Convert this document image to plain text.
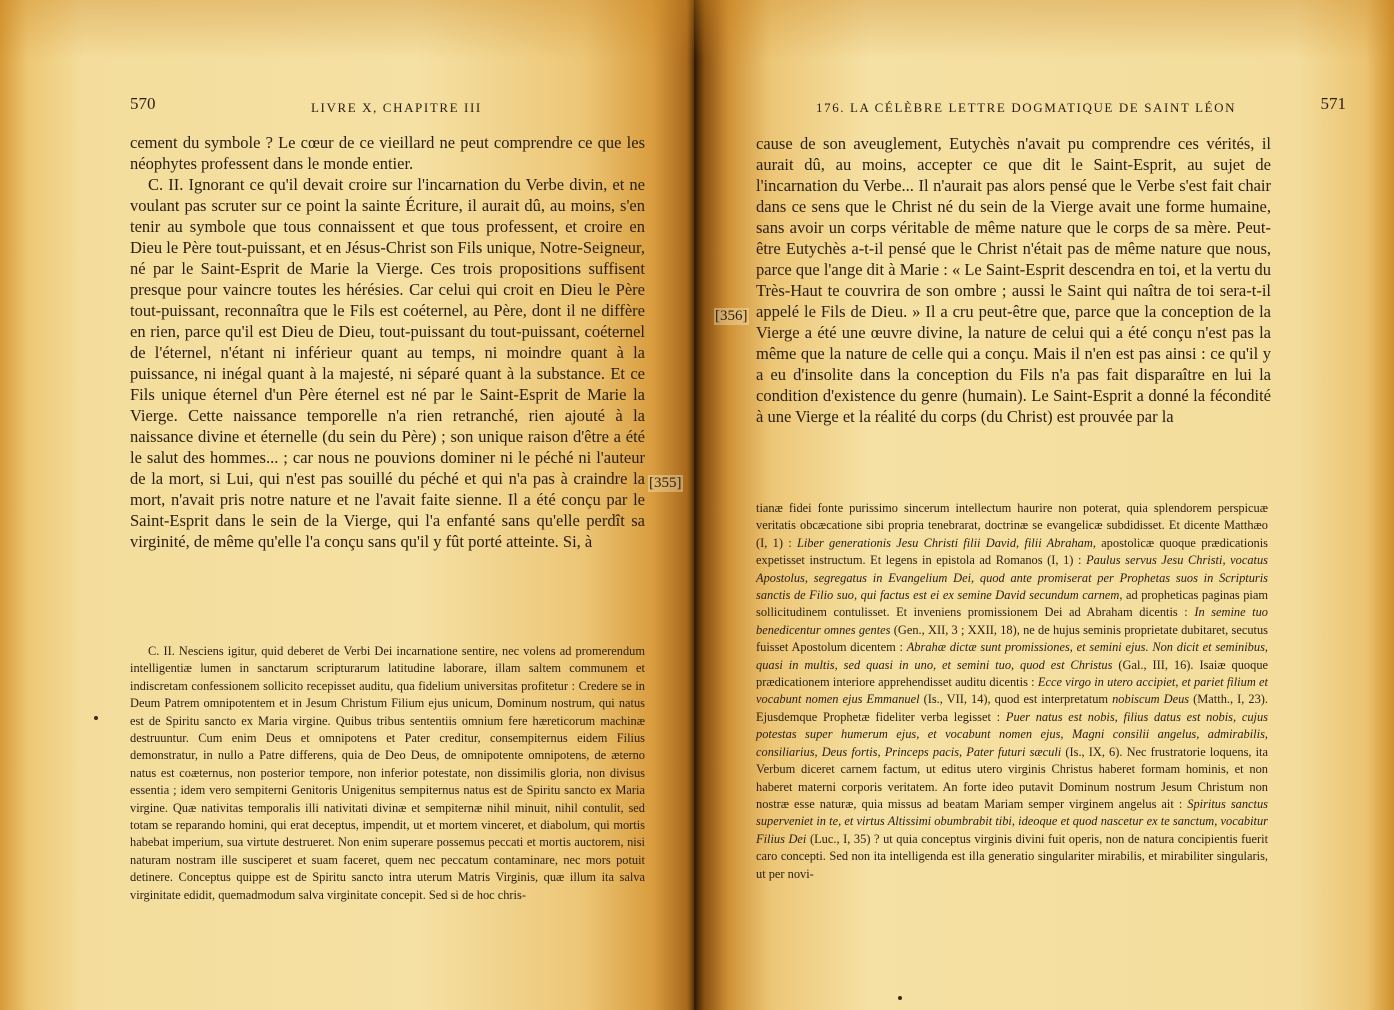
570	LIVRE X, CHAPITRE III

cement du symbole ? Le cœur de ce vieillard ne peut comprendre ce que les néophytes professent dans le monde entier.

C. II. Ignorant ce qu'il devait croire sur l'incarnation du Verbe divin, et ne voulant pas scruter sur ce point la sainte Écriture, il aurait dû, au moins, s'en tenir au symbole que tous connaissent et que tous professent, et croire en Dieu le Père tout-puissant, et en Jésus-Christ son Fils unique, Notre-Seigneur, né par le Saint-Esprit de Marie la Vierge. Ces trois propositions suffisent presque pour vaincre toutes les hérésies. Car celui qui croit en Dieu le Père tout-puissant, reconnaîtra que le Fils est coéternel, au Père, dont il ne diffère en rien, parce qu'il est Dieu de Dieu, tout-puissant du tout-puissant, coéternel de l'éternel, n'étant ni inférieur quant au temps, ni moindre quant à la puissance, ni inégal quant à la majesté, ni séparé quant à la substance. Et ce Fils unique éternel d'un Père éternel est né par le Saint-Esprit de Marie la Vierge. Cette naissance temporelle n'a rien retranché, rien ajouté à la naissance divine et éternelle (du sein du Père) ; son unique raison d'être a été le salut des hommes... ; car nous ne pouvions dominer ni le péché ni l'auteur de la mort, si Lui, qui n'est pas souillé du péché et qui n'a pas à craindre la mort, n'avait pris notre nature et ne l'avait faite sienne. Il a été conçu par le Saint-Esprit dans le sein de la Vierge, qui l'a enfanté sans qu'elle perdît sa virginité, de même qu'elle l'a conçu sans qu'il y fût porté atteinte. Si, à

C. II. Nesciens igitur, quid deberet de Verbi Dei incarnatione sentire, nec volens ad promerendum intelligentiæ lumen in sanctarum scripturarum latitudine laborare, illam saltem communem et indiscretam confessionem sollicito recepisset auditu, qua fidelium universitas profitetur : Credere se in Deum Patrem omnipotentem et in Jesum Christum Filium ejus unicum, Dominum nostrum, qui natus est de Spiritu sancto ex Maria virgine. Quibus tribus sententiis omnium fere hæreticorum machinæ destruuntur. Cum enim Deus et omnipotens et Pater creditur, consempiternus eidem Filius demonstratur, in nullo a Patre differens, quia de Deo Deus, de omnipotente omnipotens, de æterno natus est coæternus, non posterior tempore, non inferior potestate, non dissimilis gloria, non divisus essentia ; idem vero sempiterni Genitoris Unigenitus sempiternus natus est de Spiritu sancto ex Maria virgine. Quæ nativitas temporalis illi nativitati divinæ et sempiternæ nihil minuit, nihil contulit, sed totam se reparando homini, qui erat deceptus, impendit, ut et mortem vinceret, et diabolum, qui mortis habebat imperium, sua virtute destrueret. Non enim superare possemus peccati et mortis auctorem, nisi naturam nostram ille susciperet et suam faceret, quem nec peccatum contaminare, nec mors potuit detinere. Conceptus quippe est de Spiritu sancto intra uterum Matris Virginis, quæ illum ita salva virginitate edidit, quemadmodum salva virginitate concepit. Sed si de hoc chris-

176. LA CÉLÈBRE LETTRE DOGMATIQUE DE SAINT LÉON	571

cause de son aveuglement, Eutychès n'avait pu comprendre ces vérités, il aurait dû, au moins, accepter ce que dit le Saint-Esprit, au sujet de l'incarnation du Verbe... Il n'aurait pas alors pensé que le Verbe s'est fait chair dans ce sens que le Christ né du sein de la Vierge avait une forme humaine, sans avoir un corps véritable de même nature que le corps de sa mère. Peut-être Eutychès a-t-il pensé que le Christ n'était pas de même nature que nous, parce que l'ange dit à Marie : « Le Saint-Esprit descendra en toi, et la vertu du Très-Haut te couvrira de son ombre ; aussi le Saint qui naîtra de toi sera-t-il appelé le Fils de Dieu. » Il a cru peut-être que, parce que la conception de la Vierge a été une œuvre divine, la nature de celui qui a été conçu n'est pas la même que la nature de celle qui a conçu. Mais il n'en est pas ainsi : ce qu'il y a eu d'insolite dans la conception du Fils n'a pas fait disparaître en lui la condition d'existence du genre (humain). Le Saint-Esprit a donné la fécondité à une Vierge et la réalité du corps (du Christ) est prouvée par la

tianæ fidei fonte purissimo sincerum intellectum haurire non poterat, quia splendorem perspicuæ veritatis obcæcatione sibi propria tenebrarat, doctrinæ se evangelicæ subdidisset. Et dicente Matthæo (I, 1) : Liber generationis Jesu Christi filii David, filii Abraham, apostolicæ quoque prædicationis expetisset instructum. Et legens in epistola ad Romanos (I, 1) : Paulus servus Jesu Christi, vocatus Apostolus, segregatus in Evangelium Dei, quod ante promiserat per Prophetas suos in Scripturis sanctis de Filio suo, qui factus est ei ex semine David secundum carnem, ad propheticas paginas piam sollicitudinem contulisset. Et inveniens promissionem Dei ad Abraham dicentis : In semine tuo benedicentur omnes gentes (Gen., XII, 3 ; XXII, 18), ne de hujus seminis proprietate dubitaret, secutus fuisset Apostolum dicentem : Abrahæ dictæ sunt promissiones, et semini ejus. Non dicit et seminibus, quasi in multis, sed quasi in uno, et semini tuo, quod est Christus (Gal., III, 16). Isaiæ quoque prædicationem interiore apprehendisset auditu dicentis : Ecce virgo in utero accipiet, et pariet filium et vocabunt nomen ejus Emmanuel (Is., VII, 14), quod est interpretatum nobiscum Deus (Matth., I, 23). Ejusdemque Prophetæ fideliter verba legisset : Puer natus est nobis, filius datus est nobis, cujus potestas super humerum ejus, et vocabunt nomen ejus, Magni consilii angelus, admirabilis, consiliarius, Deus fortis, Princeps pacis, Pater futuri sæculi (Is., IX, 6). Nec frustratorie loquens, ita Verbum diceret carnem factum, ut editus utero virginis Christus haberet formam hominis, et non haberet materni corporis veritatem. An forte ideo putavit Dominum nostrum Jesum Christum non nostræ esse naturæ, quia missus ad beatam Mariam semper virginem angelus ait : Spiritus sanctus superveniet in te, et virtus Altissimi obumbrabit tibi, ideoque et quod nascetur ex te sanctum, vocabitur Filius Dei (Luc., I, 35) ? ut quia conceptus virginis divini fuit operis, non de natura concipientis fuerit caro concepti. Sed non ita intelligenda est illa generatio singulariter mirabilis, et mirabiliter singularis, ut per novi-

[355]
[356]
